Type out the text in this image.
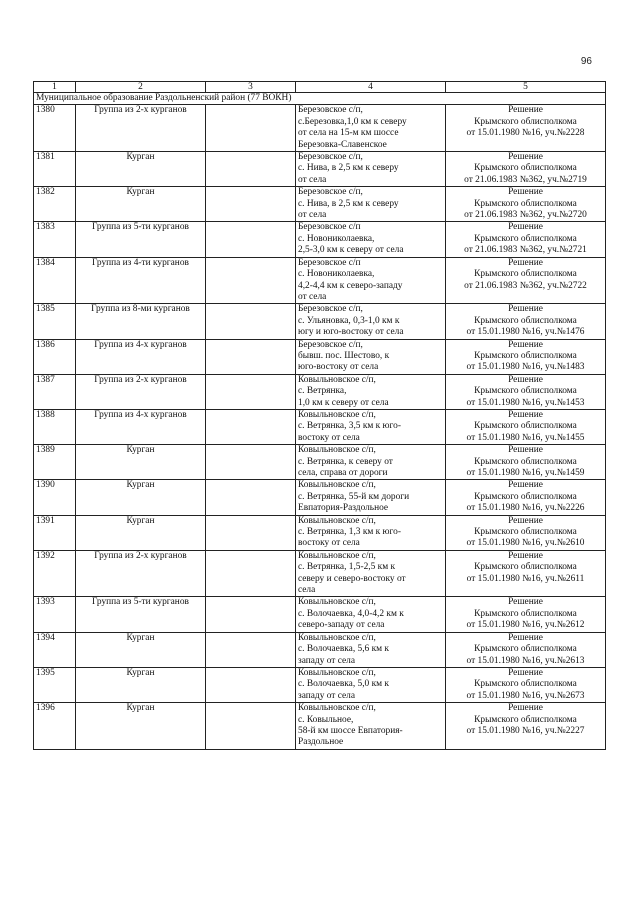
96
1	2	3	4	5
Муниципальное образование Раздольненский район (77 ВОКН)				
1380	Группа из 2-х курганов		Березовское с/п,
с.Березовка,1,0 км к северу
от села на 15-м км шоссе
Березовка-Славенское	Решение
Крымского облисполкома
от 15.01.1980 №16, уч.№2228

1381	Курган		Березовское с/п,
с. Нива, в 2,5 км к северу
от села	Решение
Крымского облисполкома
от 21.06.1983 №362, уч.№2719

1382	Курган		Березовское с/п,
с. Нива, в 2,5 км к северу
от села	Решение
Крымского облисполкома
от 21.06.1983 №362, уч.№2720

1383	Группа из 5-ти курганов		Березовское с/п
с. Новониколаевка,
2,5-3,0 км к северу от села	Решение
Крымского облисполкома
от 21.06.1983 №362, уч.№2721

1384	Группа из 4-ти курганов		Березовское с/п
с. Новониколаевка,
4,2-4,4 км к северо-западу
от села	Решение
Крымского облисполкома
от 21.06.1983 №362, уч.№2722

1385	Группа из 8-ми курганов		Березовское с/п,
с. Ульяновка, 0,3-1,0 км к
югу и юго-востоку от села	Решение
Крымского облисполкома
от 15.01.1980 №16, уч.№1476

1386	Группа из 4-х курганов		Березовское с/п,
бывш. пос. Шестово, к
юго-востоку от села	Решение
Крымского облисполкома
от 15.01.1980 №16, уч.№1483

1387	Группа из 2-х курганов		Ковыльновское с/п,
с. Ветрянка,
1,0 км к северу от села	Решение
Крымского облисполкома
от 15.01.1980 №16, уч.№1453

1388	Группа из 4-х курганов		Ковыльновское с/п,
с. Ветрянка, 3,5 км к юго-
востоку от села	Решение
Крымского облисполкома
от 15.01.1980 №16, уч.№1455

1389	Курган		Ковыльновское с/п,
с. Ветрянка, к северу от
села, справа от дороги	Решение
Крымского облисполкома
от 15.01.1980 №16, уч.№1459

1390	Курган		Ковыльновское с/п,
с. Ветрянка, 55-й км дороги
Евпатория-Раздольное	Решение
Крымского облисполкома
от 15.01.1980 №16, уч.№2226

1391	Курган		Ковыльновское с/п,
с. Ветрянка, 1,3 км к юго-
востоку от села	Решение
Крымского облисполкома
от 15.01.1980 №16, уч.№2610

1392	Группа из 2-х курганов		Ковыльновское с/п,
с. Ветрянка, 1,5-2,5 км к
северу и северо-востоку от
села	Решение
Крымского облисполкома
от 15.01.1980 №16, уч.№2611

1393	Группа из 5-ти курганов		Ковыльновское с/п,
с. Волочаевка, 4,0-4,2 км к
северо-западу от села	Решение
Крымского облисполкома
от 15.01.1980 №16, уч.№2612

1394	Курган		Ковыльновское с/п,
с. Волочаевка, 5,6 км к
западу от села	Решение
Крымского облисполкома
от 15.01.1980 №16, уч.№2613

1395	Курган		Ковыльновское с/п,
с. Волочаевка, 5,0 км к
западу от села	Решение
Крымского облисполкома
от 15.01.1980 №16, уч.№2673

1396	Курган		Ковыльновское с/п,
с. Ковыльное,
58-й км шоссе Евпатория-
Раздольное	Решение
Крымского облисполкома
от 15.01.1980 №16, уч.№2227
